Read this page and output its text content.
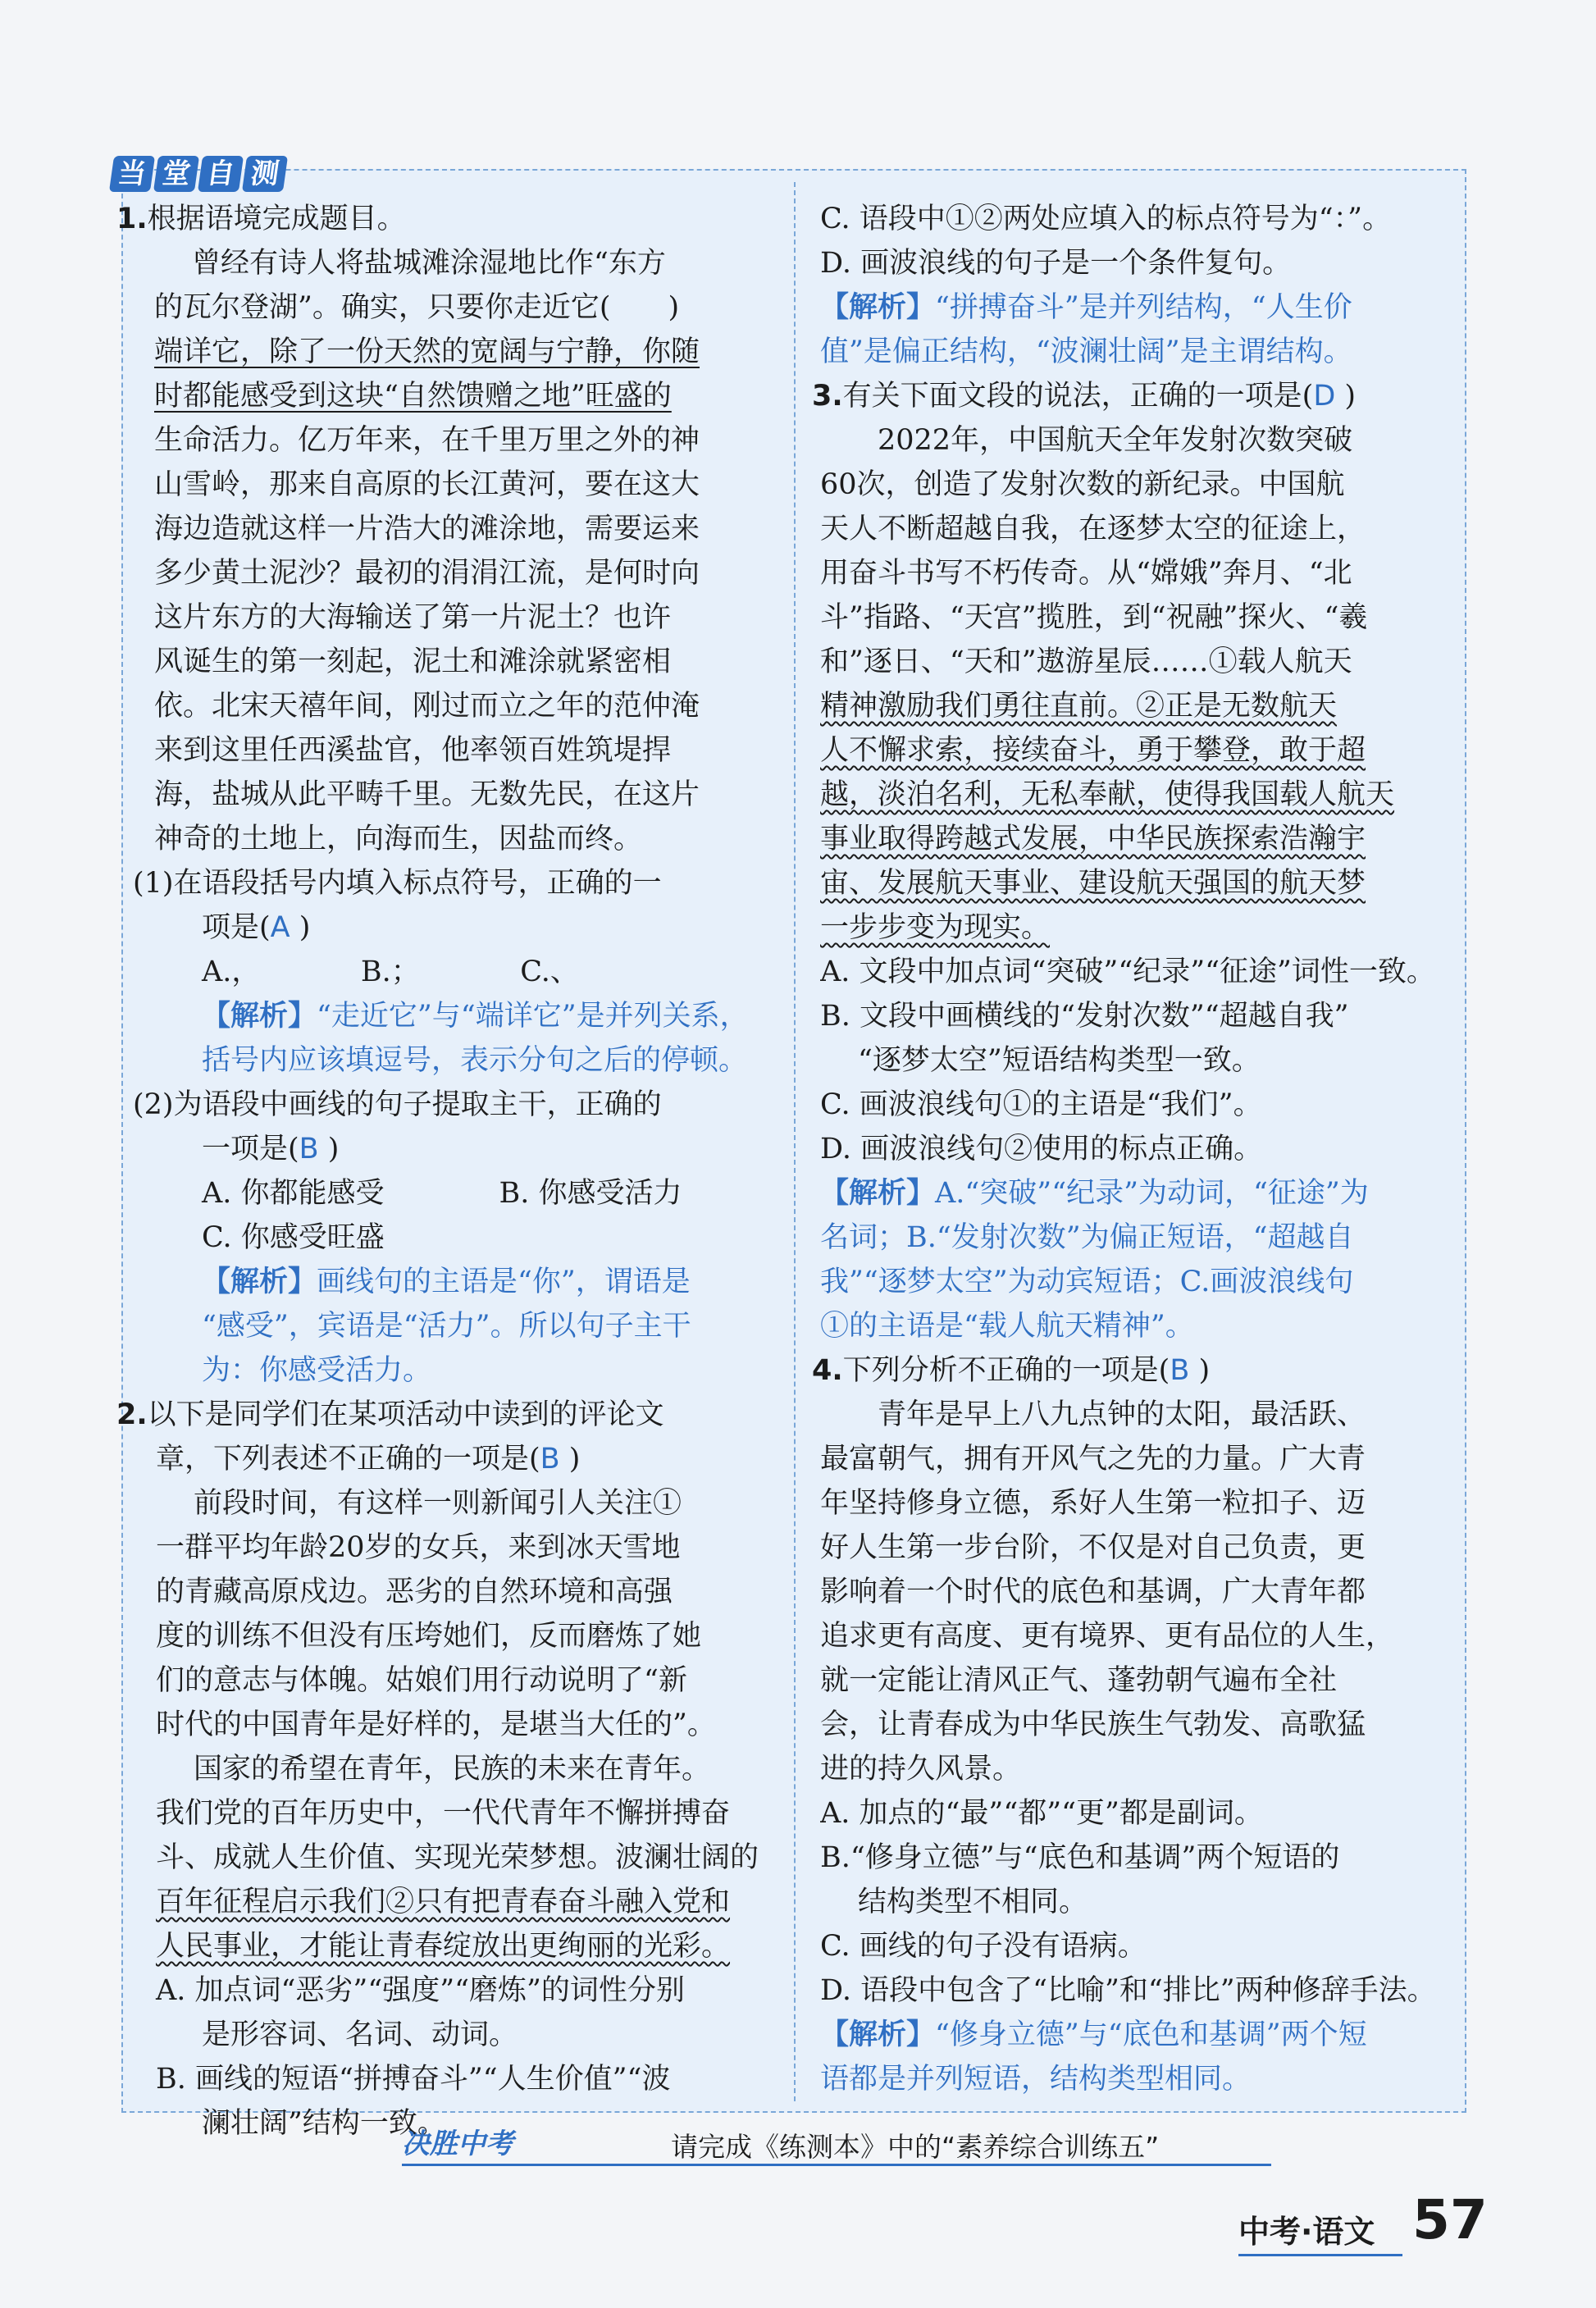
当 堂 自 测
1.根据语境完成题目。
曾经有诗人将盐城滩涂湿地比作“东方
的瓦尔登湖”。确实，只要你走近它(　　)
端详它，除了一份天然的宽阔与宁静，你随
时都能感受到这块“自然馈赠之地”旺盛的
生命活力。亿万年来，在千里万里之外的神
山雪岭，那来自高原的长江黄河，要在这大
海边造就这样一片浩大的滩涂地，需要运来
多少黄土泥沙？最初的涓涓江流，是何时向
这片东方的大海输送了第一片泥土？也许
风诞生的第一刻起，泥土和滩涂就紧密相
依。北宋天禧年间，刚过而立之年的范仲淹
来到这里任西溪盐官，他率领百姓筑堤捍
海，盐城从此平畴千里。无数先民，在这片
神奇的土地上，向海而生，因盐而终。
(1)在语段括号内填入标点符号，正确的一
项是(A )
A.，　　　　B.；　　　　C.、
【解析】“走近它”与“端详它”是并列关系，
括号内应该填逗号，表示分句之后的停顿。
(2)为语段中画线的句子提取主干，正确的
一项是(B )
A. 你都能感受　　　　B. 你感受活力
C. 你感受旺盛
【解析】画线句的主语是“你”，谓语是
“感受”，宾语是“活力”。所以句子主干
为：你感受活力。
2.以下是同学们在某项活动中读到的评论文
章，下列表述不正确的一项是(B )
前段时间，有这样一则新闻引人关注①
一群平均年龄20岁的女兵，来到冰天雪地
的青藏高原戍边。恶劣的自然环境和高强
度的训练不但没有压垮她们，反而磨炼了她
们的意志与体魄。姑娘们用行动说明了“新
时代的中国青年是好样的，是堪当大任的”。
国家的希望在青年，民族的未来在青年。
我们党的百年历史中，一代代青年不懈拼搏奋
斗、成就人生价值、实现光荣梦想。波澜壮阔的
百年征程启示我们②只有把青春奋斗融入党和
人民事业，才能让青春绽放出更绚丽的光彩。
A. 加点词“恶劣”“强度”“磨炼”的词性分别
是形容词、名词、动词。
B. 画线的短语“拼搏奋斗”“人生价值”“波
澜壮阔”结构一致。
C. 语段中①②两处应填入的标点符号为“：”。
D. 画波浪线的句子是一个条件复句。
【解析】“拼搏奋斗”是并列结构，“人生价
值”是偏正结构，“波澜壮阔”是主谓结构。
3.有关下面文段的说法，正确的一项是(D )
2022年，中国航天全年发射次数突破
60次，创造了发射次数的新纪录。中国航
天人不断超越自我，在逐梦太空的征途上，
用奋斗书写不朽传奇。从“嫦娥”奔月、“北
斗”指路、“天宫”揽胜，到“祝融”探火、“羲
和”逐日、“天和”遨游星辰……①载人航天
精神激励我们勇往直前。②正是无数航天
人不懈求索，接续奋斗，勇于攀登，敢于超
越，淡泊名利，无私奉献，使得我国载人航天
事业取得跨越式发展，中华民族探索浩瀚宇
宙、发展航天事业、建设航天强国的航天梦
一步步变为现实。
A. 文段中加点词“突破”“纪录”“征途”词性一致。
B. 文段中画横线的“发射次数”“超越自我”
“逐梦太空”短语结构类型一致。
C. 画波浪线句①的主语是“我们”。
D. 画波浪线句②使用的标点正确。
【解析】A.“突破”“纪录”为动词，“征途”为
名词；B.“发射次数”为偏正短语，“超越自
我”“逐梦太空”为动宾短语；C.画波浪线句
①的主语是“载人航天精神”。
4.下列分析不正确的一项是(B )
青年是早上八九点钟的太阳，最活跃、
最富朝气，拥有开风气之先的力量。广大青
年坚持修身立德，系好人生第一粒扣子、迈
好人生第一步台阶，不仅是对自己负责，更
影响着一个时代的底色和基调，广大青年都
追求更有高度、更有境界、更有品位的人生，
就一定能让清风正气、蓬勃朝气遍布全社
会，让青春成为中华民族生气勃发、高歌猛
进的持久风景。
A. 加点的“最”“都”“更”都是副词。
B.“修身立德”与“底色和基调”两个短语的
结构类型不相同。
C. 画线的句子没有语病。
D. 语段中包含了“比喻”和“排比”两种修辞手法。
【解析】“修身立德”与“底色和基调”两个短
语都是并列短语，结构类型相同。
决胜中考	请完成《练测本》中的“素养综合训练五”
中考·语文 57
